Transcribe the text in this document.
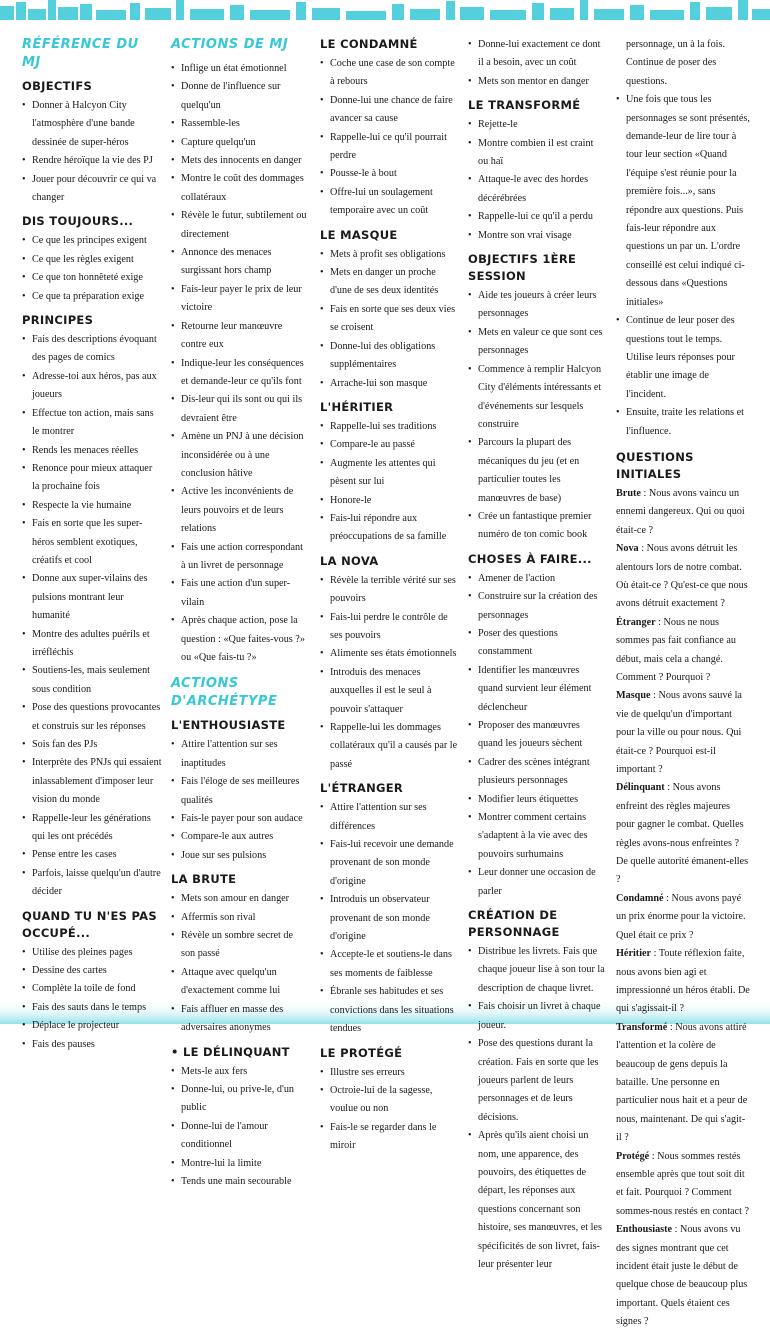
RÉFÉRENCE DU MJ
OBJECTIFS
• Donner à Halcyon City l'atmosphère d'une bande dessinée de super-héros
• Rendre héroïque la vie des PJ
• Jouer pour découvrir ce qui va changer
DIS TOUJOURS...
• Ce que les principes exigent
• Ce que les règles exigent
• Ce que ton honnêteté exige
• Ce que ta préparation exige
PRINCIPES
• Fais des descriptions évoquant des pages de comics
• Adresse-toi aux héros, pas aux joueurs
• Effectue ton action, mais sans le montrer
• Rends les menaces réelles
• Renonce pour mieux attaquer la prochaine fois
• Respecte la vie humaine
• Fais en sorte que les super-héros semblent exotiques, créatifs et cool
• Donne aux super-vilains des pulsions montrant leur humanité
• Montre des adultes puérils et irréfléchis
• Soutiens-les, mais seulement sous condition
• Pose des questions provocantes et construis sur les réponses
• Sois fan des PJs
• Interprète des PNJs qui essaient inlassablement d'imposer leur vision du monde
• Rappelle-leur les générations qui les ont précédés
• Pense entre les cases
• Parfois, laisse quelqu'un d'autre décider
QUAND TU N'ES PAS OCCUPÉ...
• Utilise des pleines pages
• Dessine des cartes
• Complète la toile de fond
• Fais des sauts dans le temps
• Déplace le projecteur
• Fais des pauses
ACTIONS DE MJ
• Inflige un état émotionnel
• Donne de l'influence sur quelqu'un
• Rassemble-les
• Capture quelqu'un
• Mets des innocents en danger
• Montre le coût des dommages collatéraux
• Révèle le futur, subtilement ou directement
• Annonce des menaces surgissant hors champ
• Fais-leur payer le prix de leur victoire
• Retourne leur manœuvre contre eux
• Indique-leur les conséquences et demande-leur ce qu'ils font
• Dis-leur qui ils sont ou qui ils devraient être
• Amène un PNJ à une décision inconsidérée ou à une conclusion hâtive
• Active les inconvénients de leurs pouvoirs et de leurs relations
• Fais une action correspondant à un livret de personnage
• Fais une action d'un super-vilain
• Après chaque action, pose la question : «Que faites-vous ?» ou «Que fais-tu ?»
ACTIONS D'ARCHÉTYPE
L'ENTHOUSIASTE
• Attire l'attention sur ses inaptitudes
• Fais l'éloge de ses meilleures qualités
• Fais-le payer pour son audace
• Compare-le aux autres
• Joue sur ses pulsions
LA BRUTE
• Mets son amour en danger
• Affermis son rival
• Révèle un sombre secret de son passé
• Attaque avec quelqu'un d'exactement comme lui
• Fais affluer en masse des adversaires anonymes
• LE DÉLINQUANT
• Mets-le aux fers
• Donne-lui, ou prive-le, d'un public
• Donne-lui de l'amour conditionnel
• Montre-lui la limite
• Tends une main secourable
LE CONDAMNÉ
• Coche une case de son compte à rebours
• Donne-lui une chance de faire avancer sa cause
• Rappelle-lui ce qu'il pourrait perdre
• Pousse-le à bout
• Offre-lui un soulagement temporaire avec un coût
LE MASQUE
• Mets à profit ses obligations
• Mets en danger un proche d'une de ses deux identités
• Fais en sorte que ses deux vies se croisent
• Donne-lui des obligations supplémentaires
• Arrache-lui son masque
L'HÉRITIER
• Rappelle-lui ses traditions
• Compare-le au passé
• Augmente les attentes qui pèsent sur lui
• Honore-le
• Fais-lui répondre aux préoccupations de sa famille
LA NOVA
• Révèle la terrible vérité sur ses pouvoirs
• Fais-lui perdre le contrôle de ses pouvoirs
• Alimente ses états émotionnels
• Introduis des menaces auxquelles il est le seul à pouvoir s'attaquer
• Rappelle-lui les dommages collatéraux qu'il a causés par le passé
L'ÉTRANGER
• Attire l'attention sur ses différences
• Fais-lui recevoir une demande provenant de son monde d'origine
• Introduis un observateur provenant de son monde d'origine
• Accepte-le et soutiens-le dans ses moments de faiblesse
• Ébranle ses habitudes et ses convictions dans les situations tendues
LE PROTÉGÉ
• Illustre ses erreurs
• Octroie-lui de la sagesse, voulue ou non
• Fais-le se regarder dans le miroir
• Donne-lui exactement ce dont il a besoin, avec un coût
• Mets son mentor en danger
LE TRANSFORMÉ
• Rejette-le
• Montre combien il est craint ou haï
• Attaque-le avec des hordes décérébrées
• Rappelle-lui ce qu'il a perdu
• Montre son vrai visage
OBJECTIFS 1ÈRE SESSION
• Aide tes joueurs à créer leurs personnages
• Mets en valeur ce que sont ces personnages
• Commence à remplir Halcyon City d'éléments intéressants et d'événements sur lesquels construire
• Parcours la plupart des mécaniques du jeu (et en particulier toutes les manœuvres de base)
• Crée un fantastique premier numéro de ton comic book
CHOSES À FAIRE...
• Amener de l'action
• Construire sur la création des personnages
• Poser des questions constamment
• Identifier les manœuvres quand survient leur élément déclencheur
• Proposer des manœuvres quand les joueurs sèchent
• Cadrer des scènes intégrant plusieurs personnages
• Modifier leurs étiquettes
• Montrer comment certains s'adaptent à la vie avec des pouvoirs surhumains
• Leur donner une occasion de parler
CRÉATION DE PERSONNAGE
• Distribue les livrets. Fais que chaque joueur lise à son tour la description de chaque livret.
• Fais choisir un livret à chaque joueur.
• Pose des questions durant la création. Fais en sorte que les joueurs parlent de leurs personnages et de leurs décisions.
• Après qu'ils aient choisi un nom, une apparence, des pouvoirs, des étiquettes de départ, les réponses aux questions concernant son histoire, ses manœuvres, et les spécificités de son livret, fais-leur présenter leur
personnage, un à la fois. Continue de poser des questions.
• Une fois que tous les personnages se sont présentés, demande-leur de lire tour à tour leur section «Quand l'équipe s'est réunie pour la première fois...», sans répondre aux questions. Puis fais-leur répondre aux questions un par un. L'ordre conseillé est celui indiqué ci-dessous dans «Questions initiales»
• Continue de leur poser des questions tout le temps. Utilise leurs réponses pour établir une image de l'incident.
• Ensuite, traite les relations et l'influence.
QUESTIONS INITIALES

Brute : Nous avons vaincu un ennemi dangereux. Qui ou quoi était-ce ?

Nova : Nous avons détruit les alentours lors de notre combat. Où était-ce ? Qu'est-ce que nous avons détruit exactement ?

Étranger : Nous ne nous sommes pas fait confiance au début, mais cela a changé. Comment ? Pourquoi ?

Masque : Nous avons sauvé la vie de quelqu'un d'important pour la ville ou pour nous. Qui était-ce ? Pourquoi est-il important ?

Délinquant : Nous avons enfreint des règles majeures pour gagner le combat. Quelles règles avons-nous enfreintes ? De quelle autorité émanent-elles ?

Condamné : Nous avons payé un prix énorme pour la victoire. Quel était ce prix ?

Héritier : Toute réflexion faite, nous avons bien agi et impressionné un héros établi. De qui s'agissait-il ?

Transformé : Nous avons attiré l'attention et la colère de beaucoup de gens depuis la bataille. Une personne en particulier nous hait et a peur de nous, maintenant. De qui s'agit-il ?

Protégé : Nous sommes restés ensemble après que tout soit dit et fait. Pourquoi ? Comment sommes-nous restés en contact ?

Enthousiaste : Nous avons vu des signes montrant que cet incident était juste le début de quelque chose de beaucoup plus important. Quels étaient ces signes ?
